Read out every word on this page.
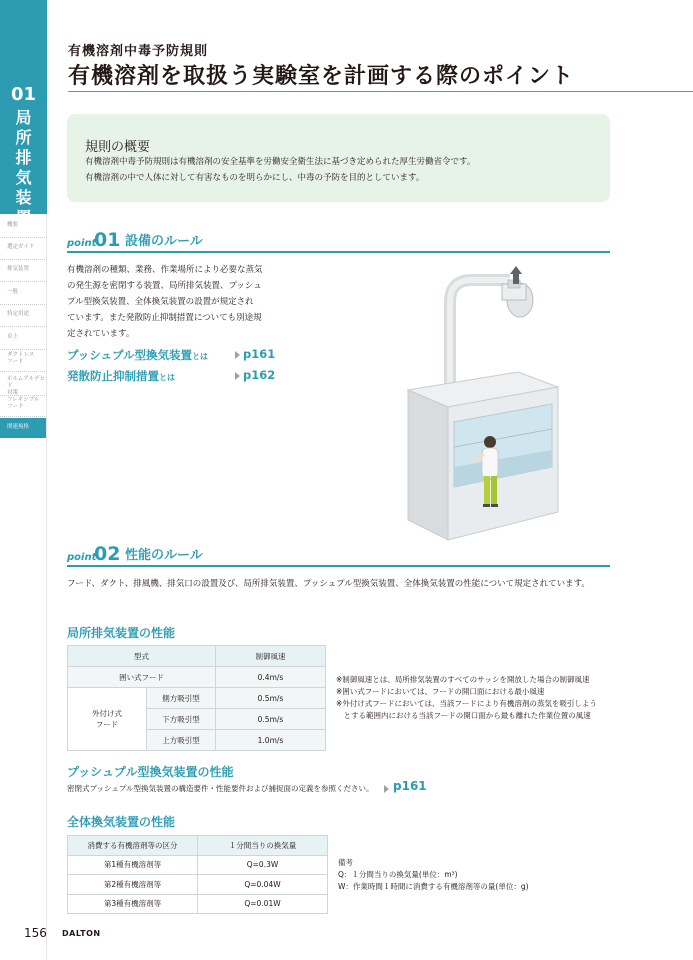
01
局
所
排
気
装
置
概要
選定ガイド
排気装置
一般
特定用途
卓上
ダクトレス
フード
ホルムアルデヒド
対策
フレキシブル
フード
関連規格
有機溶剤中毒予防規則
有機溶剤を取扱う実験室を計画する際のポイント
規則の概要
有機溶剤中毒予防規則は有機溶剤の安全基準を労働安全衛生法に基づき定められた厚生労働省令です。
有機溶剤の中で人体に対して有害なものを明らかにし、中毒の予防を目的としています。
point
01 設備のルール
有機溶剤の種類、業務、作業場所により必要な蒸気
の発生源を密閉する装置、局所排気装置、プッシュ
プル型換気装置、全体換気装置の設置が規定され
ています。また発散防止抑制措置についても別途規
定されています。
プッシュプル型換気装置とは	p161
発散防止抑制措置とは	p162
point
02 性能のルール
フード、ダクト、排風機、排気口の設置及び、局所排気装置、プッシュプル型換気装置、全体換気装置の性能について規定されています。
局所排気装置の性能
型式		制御風速	※制御風速とは、局所排気装置のすべてのサッシを開放した場合の制御風速
※囲い式フードにおいては、フードの開口面における最小風速
※外付け式フードにおいては、当該フードにより有機溶剤の蒸気を吸引しよう
　とする範囲内における当該フードの開口面から最も離れた作業位置の風速

囲い式フード		0.4m/s	
外付け式
フード	側方吸引型	0.5m/s	
	下方吸引型	0.5m/s	
	上方吸引型	1.0m/s	
プッシュプル型換気装置の性能
密閉式プッシュプル型換気装置の構造要件・性能要件および捕捉面の定義を参照ください。 p161
全体換気装置の性能
消費する有機溶剤等の区分	１分間当りの換気量	備考
Q：１分間当りの換気量(単位：m³)
W：作業時間１時間に消費する有機溶剤等の量(単位：g)

第1種有機溶剤等	Q=0.3W	
第2種有機溶剤等	Q=0.04W	
第3種有機溶剤等	Q=0.01W	
156 DALTON
